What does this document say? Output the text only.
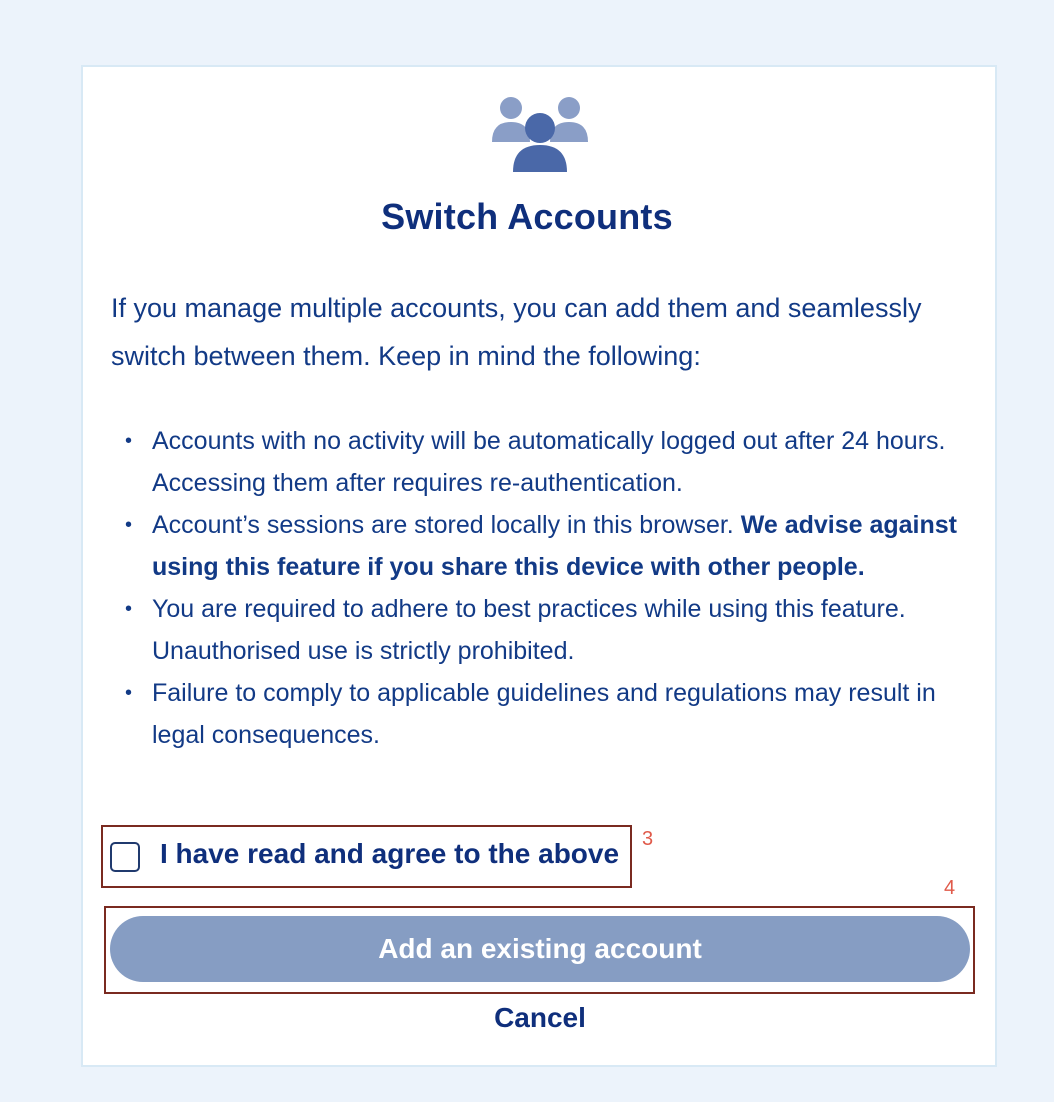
Switch Accounts
If you manage multiple accounts, you can add them and seamlessly switch between them. Keep in mind the following:
• Accounts with no activity will be automatically logged out after 24 hours. Accessing them after requires re-authentication.
• Account’s sessions are stored locally in this browser. We advise against using this feature if you share this device with other people.
• You are required to adhere to best practices while using this feature. Unauthorised use is strictly prohibited.
• Failure to comply to applicable guidelines and regulations may result in legal consequences.
I have read and agree to the above 3
4
Add an existing account
Cancel
